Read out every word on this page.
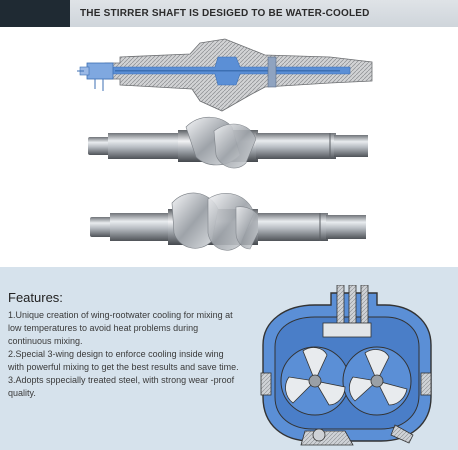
THE STIRRER SHAFT IS DESIGED TO BE WATER-COOLED
Features:
1.Unique creation of wing-rootwater cooling for mixing at low temperatures to avoid heat problems during continuous mixing.
2.Special 3-wing design to enforce cooling inside wing with powerful mixing to get the best results and save time.
3.Adopts sppecially treated steel, with strong wear -proof quality.
